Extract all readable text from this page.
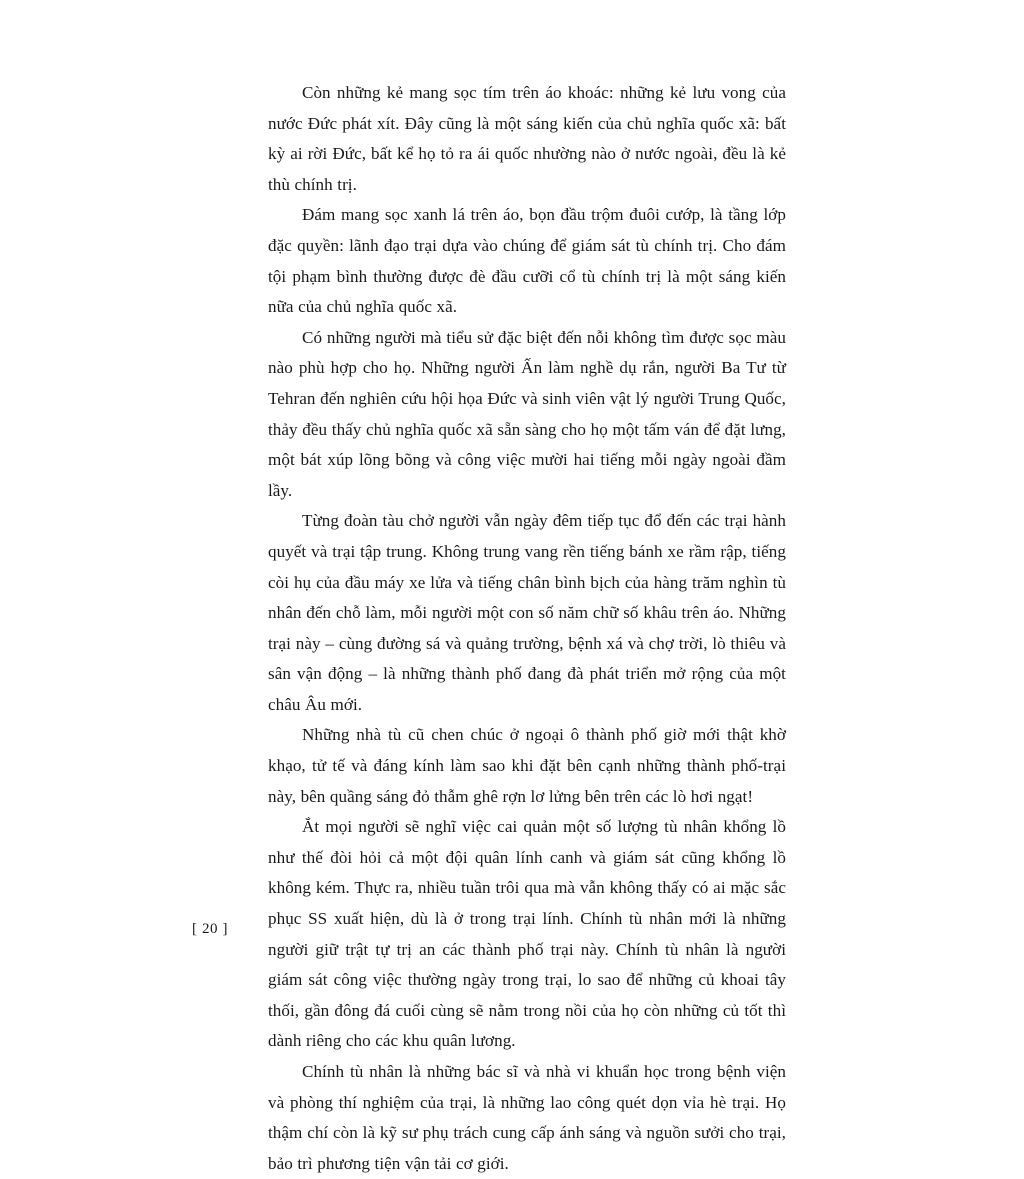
Còn những kẻ mang sọc tím trên áo khoác: những kẻ lưu vong của nước Đức phát xít. Đây cũng là một sáng kiến của chủ nghĩa quốc xã: bất kỳ ai rời Đức, bất kể họ tỏ ra ái quốc nhường nào ở nước ngoài, đều là kẻ thù chính trị.

Đám mang sọc xanh lá trên áo, bọn đầu trộm đuôi cướp, là tầng lớp đặc quyền: lãnh đạo trại dựa vào chúng để giám sát tù chính trị. Cho đám tội phạm bình thường được đè đầu cưỡi cổ tù chính trị là một sáng kiến nữa của chủ nghĩa quốc xã.

Có những người mà tiểu sử đặc biệt đến nỗi không tìm được sọc màu nào phù hợp cho họ. Những người Ấn làm nghề dụ rắn, người Ba Tư từ Tehran đến nghiên cứu hội họa Đức và sinh viên vật lý người Trung Quốc, thảy đều thấy chủ nghĩa quốc xã sẵn sàng cho họ một tấm ván để đặt lưng, một bát xúp lõng bõng và công việc mười hai tiếng mỗi ngày ngoài đầm lầy.

Từng đoàn tàu chở người vẫn ngày đêm tiếp tục đổ đến các trại hành quyết và trại tập trung. Không trung vang rền tiếng bánh xe rầm rập, tiếng còi hụ của đầu máy xe lửa và tiếng chân bình bịch của hàng trăm nghìn tù nhân đến chỗ làm, mỗi người một con số năm chữ số khâu trên áo. Những trại này – cùng đường sá và quảng trường, bệnh xá và chợ trời, lò thiêu và sân vận động – là những thành phố đang đà phát triển mở rộng của một châu Âu mới.

Những nhà tù cũ chen chúc ở ngoại ô thành phố giờ mới thật khờ khạo, tử tế và đáng kính làm sao khi đặt bên cạnh những thành phố-trại này, bên quầng sáng đỏ thẫm ghê rợn lơ lửng bên trên các lò hơi ngạt!

Ắt mọi người sẽ nghĩ việc cai quản một số lượng tù nhân khổng lồ như thế đòi hỏi cả một đội quân lính canh và giám sát cũng khổng lồ không kém. Thực ra, nhiều tuần trôi qua mà vẫn không thấy có ai mặc sắc phục SS xuất hiện, dù là ở trong trại lính. Chính tù nhân mới là những người giữ trật tự trị an các thành phố trại này. Chính tù nhân là người giám sát công việc thường ngày trong trại, lo sao để những củ khoai tây thối, gần đông đá cuối cùng sẽ nằm trong nồi của họ còn những củ tốt thì dành riêng cho các khu quân lương.

Chính tù nhân là những bác sĩ và nhà vi khuẩn học trong bệnh viện và phòng thí nghiệm của trại, là những lao công quét dọn vỉa hè trại. Họ thậm chí còn là kỹ sư phụ trách cung cấp ánh sáng và nguồn sưởi cho trại, bảo trì phương tiện vận tải cơ giới.

[ 20 ]
